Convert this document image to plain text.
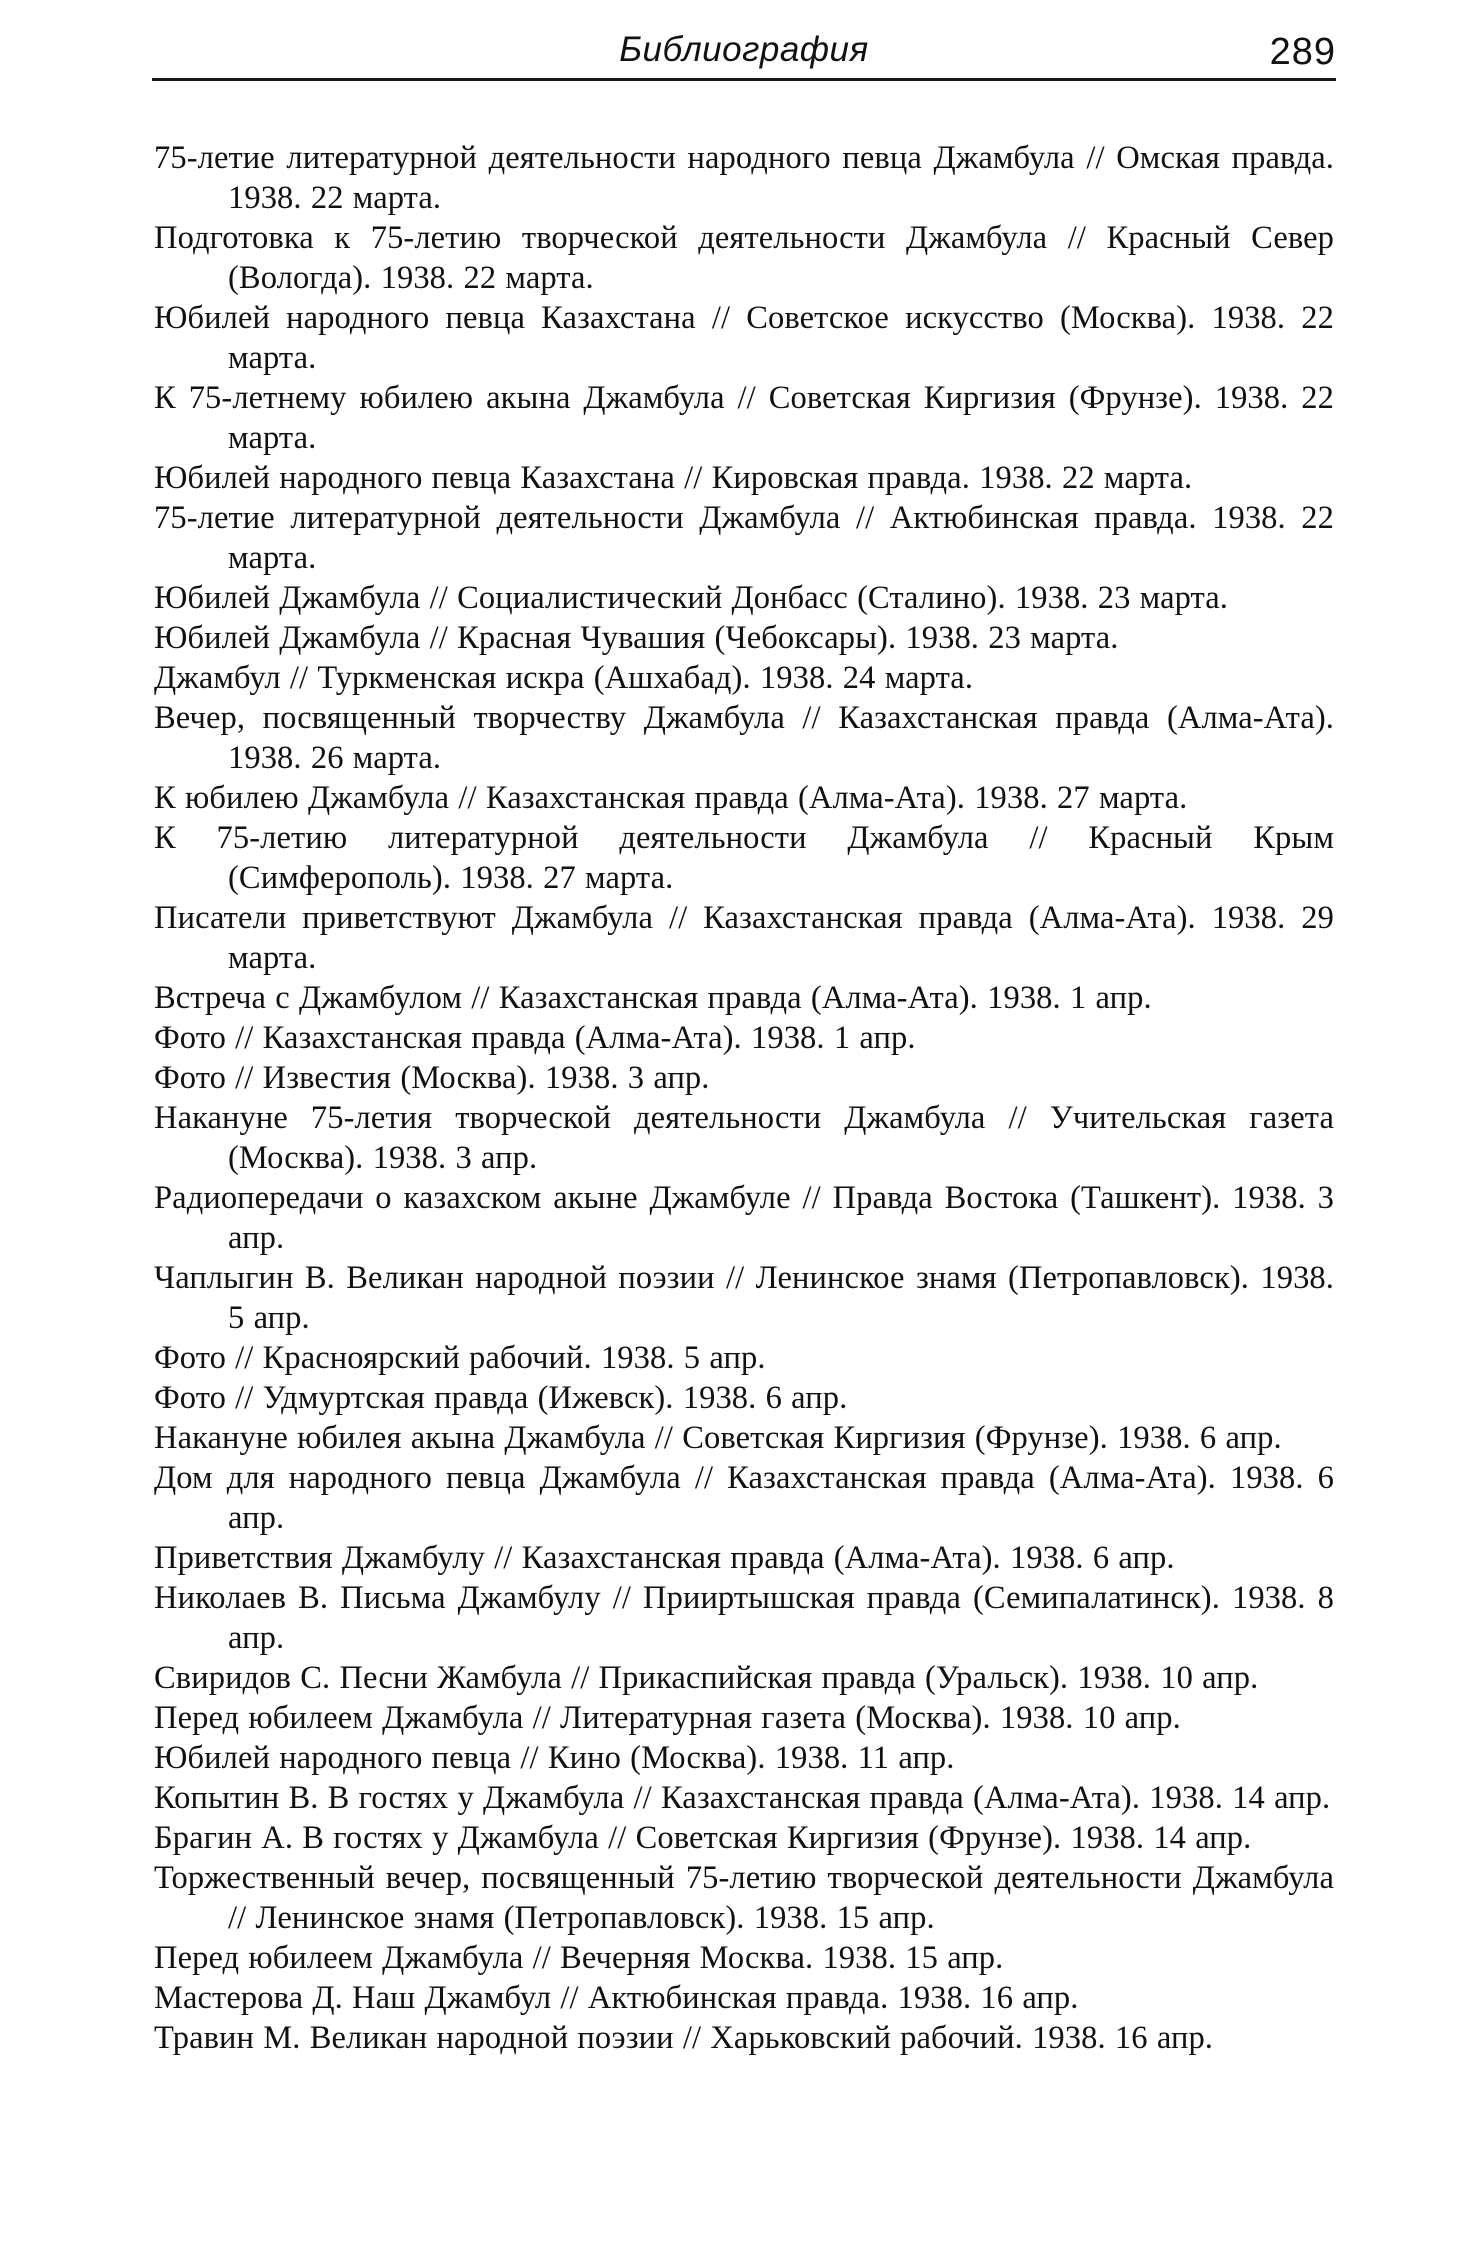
Библиография	289
75-летие литературной деятельности народного певца Джамбула // Омская правда. 1938. 22 марта.
Подготовка к 75-летию творческой деятельности Джамбула // Красный Север (Вологда). 1938. 22 марта.
Юбилей народного певца Казахстана // Советское искусство (Москва). 1938. 22 марта.
К 75-летнему юбилею акына Джамбула // Советская Киргизия (Фрунзе). 1938. 22 марта.
Юбилей народного певца Казахстана // Кировская правда. 1938. 22 марта.
75-летие литературной деятельности Джамбула // Актюбинская правда. 1938. 22 марта.
Юбилей Джамбула // Социалистический Донбасс (Сталино). 1938. 23 марта.
Юбилей Джамбула // Красная Чувашия (Чебоксары). 1938. 23 марта.
Джамбул // Туркменская искра (Ашхабад). 1938. 24 марта.
Вечер, посвященный творчеству Джамбула // Казахстанская правда (Алма-Ата). 1938. 26 марта.
К юбилею Джамбула // Казахстанская правда (Алма-Ата). 1938. 27 марта.
К 75-летию литературной деятельности Джамбула // Красный Крым (Симферополь). 1938. 27 марта.
Писатели приветствуют Джамбула // Казахстанская правда (Алма-Ата). 1938. 29 марта.
Встреча с Джамбулом // Казахстанская правда (Алма-Ата). 1938. 1 апр.
Фото // Казахстанская правда (Алма-Ата). 1938. 1 апр.
Фото // Известия (Москва). 1938. 3 апр.
Накануне 75-летия творческой деятельности Джамбула // Учительская газета (Москва). 1938. 3 апр.
Радиопередачи о казахском акыне Джамбуле // Правда Востока (Ташкент). 1938. 3 апр.
Чаплыгин В. Великан народной поэзии // Ленинское знамя (Петропавловск). 1938. 5 апр.
Фото // Красноярский рабочий. 1938. 5 апр.
Фото // Удмуртская правда (Ижевск). 1938. 6 апр.
Накануне юбилея акына Джамбула // Советская Киргизия (Фрунзе). 1938. 6 апр.
Дом для народного певца Джамбула // Казахстанская правда (Алма-Ата). 1938. 6 апр.
Приветствия Джамбулу // Казахстанская правда (Алма-Ата). 1938. 6 апр.
Николаев В. Письма Джамбулу // Прииртышская правда (Семипалатинск). 1938. 8 апр.
Свиридов С. Песни Жамбула // Прикаспийская правда (Уральск). 1938. 10 апр.
Перед юбилеем Джамбула // Литературная газета (Москва). 1938. 10 апр.
Юбилей народного певца // Кино (Москва). 1938. 11 апр.
Копытин В. В гостях у Джамбула // Казахстанская правда (Алма-Ата). 1938. 14 апр.
Брагин А. В гостях у Джамбула // Советская Киргизия (Фрунзе). 1938. 14 апр.
Торжественный вечер, посвященный 75-летию творческой деятельности Джамбула // Ленинское знамя (Петропавловск). 1938. 15 апр.
Перед юбилеем Джамбула // Вечерняя Москва. 1938. 15 апр.
Мастерова Д. Наш Джамбул // Актюбинская правда. 1938. 16 апр.
Травин М. Великан народной поэзии // Харьковский рабочий. 1938. 16 апр.
